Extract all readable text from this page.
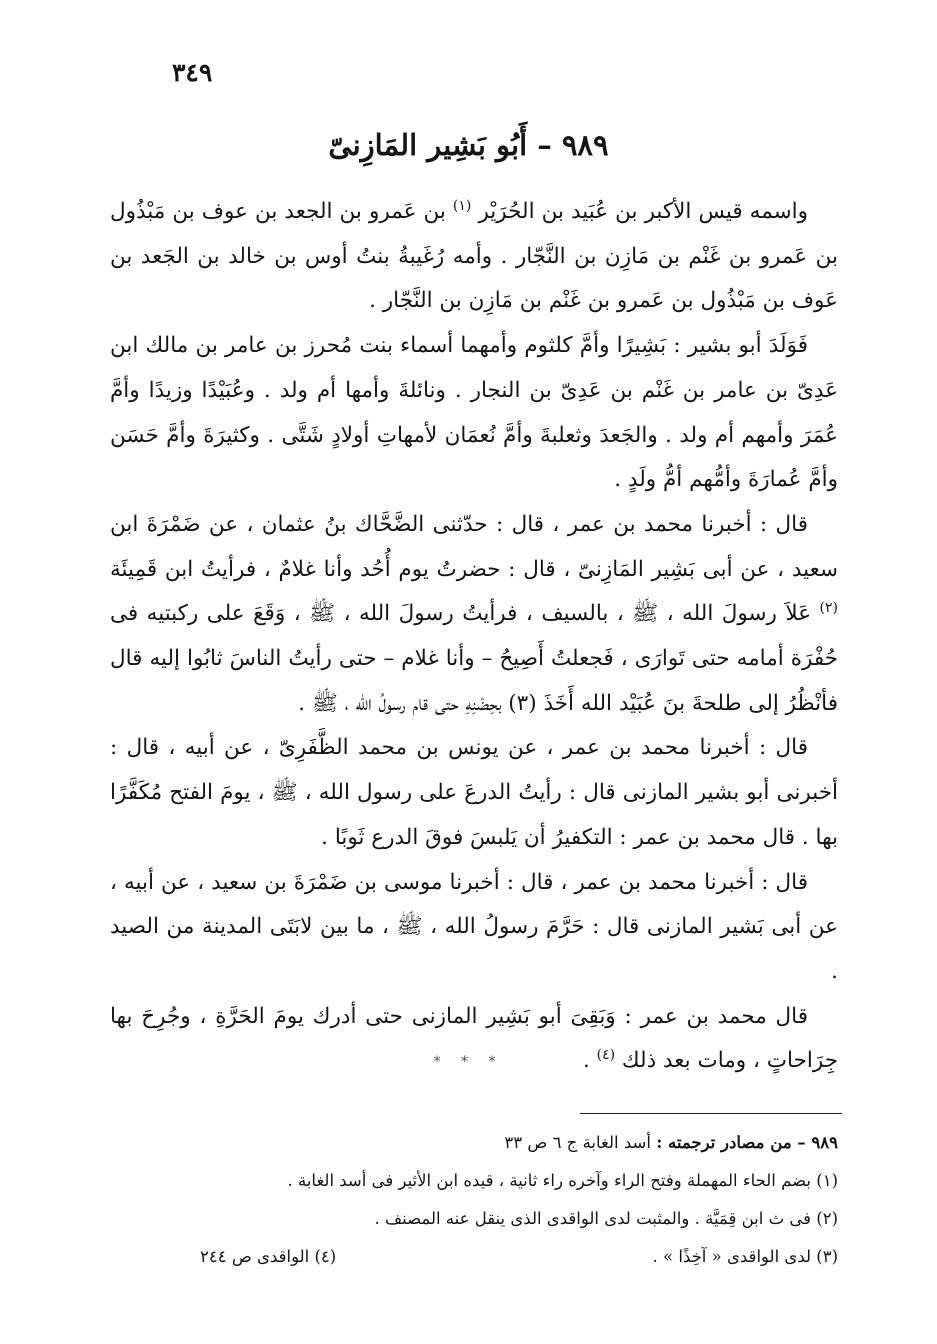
٣٤٩
٩٨٩ – أَبُو بَشِير المَازِنىّ

واسمه قيس الأكبر بن عُبَيد بن الحُرَيْر $^{(١)}$ بن عَمرو بن الجعد بن عوف بن مَبْذُول بن عَمرو بن غَنْم بن مَازِن بن النَّجّار . وأمه رُغَيبةُ بنتُ أوس بن خالد بن الجَعد بن عَوف بن مَبْذُول بن عَمرو بن غَنْم بن مَازِن بن النَّجّار .

فَوَلَدَ أبو بشير : بَشِيرًا وأمَّ كلثوم وأمهما أسماء بنت مُحرز بن عامر بن مالك ابن عَدِىّ بن عامر بن غَنْم بن عَدِىّ بن النجار . ونائلةَ وأمها أم ولد . وعُبَيْدًا وزيدًا وأمَّ عُمَرَ وأمهم أم ولد . والجَعدَ وثعلبةَ وأمَّ نُعمَان لأمهاتِ أولادٍ شَتَّى . وكثيرَةَ وأمَّ حَسَن وأمَّ عُمارَةَ وأمُّهم أمُّ ولَدٍ .

قال : أخبرنا محمد بن عمر ، قال : حدّثنى الضَّحَّاك بنُ عثمان ، عن ضَمْرَةَ ابن سعيد ، عن أبى بَشِير المَازِنىّ ، قال : حضرتُ يوم أُحُد وأنا غلامٌ ، فرأيتُ ابن قَمِيئَة $^{(٢)}$ عَلاَ رسولَ الله ، ﷺ ، بالسيف ، فرأيتُ رسولَ الله ، ﷺ ، وَقَعَ على ركبتيه فى حُفْرَة أمامه حتى تَوارَى ، فَجعلتُ أَصِيحُ – وأنا غلام – حتى رأيتُ الناسَ ثابُوا إليه قال فأنْظُرُ إلى طلحةَ بنَ عُبَيْد الله أَخَذَ (٣) بحِضْنِهِ حتى قام رسولُ الله ، ﷺ .

قال : أخبرنا محمد بن عمر ، عن يونس بن محمد الظَّفَرِىّ ، عن أبيه ، قال : أخبرنى أبو بشير المازنى قال : رأيتُ الدرعَ على رسول الله ، ﷺ ، يومَ الفتح مُكَفَّرًا بها . قال محمد بن عمر : التكفيرُ أن يَلبسَ فوقَ الدرع ثَوبًا .

قال : أخبرنا محمد بن عمر ، قال : أخبرنا موسى بن ضَمْرَةَ بن سعيد ، عن أبيه ، عن أبى بَشير المازنى قال : حَرَّمَ رسولُ الله ، ﷺ ، ما بين لابَتَى المدينة من الصيد .

قال محمد بن عمر : وَبَقِىَ أبو بَشِير المازنى حتى أدرك يومَ الحَرَّةِ ، وجُرِحَ بها جِرَاحاتٍ ، ومات بعد ذلك $^{(٤)}$ .

* * *
٩٨٩ – من مصادر ترجمته : أسد الغابة ج ٦ ص ٣٣
(١) بضم الحاء المهملة وفتح الراء وآخره راء ثانية ، قيده ابن الأثير فى أسد الغابة .
(٢) فى ث ابن قِمَيَّة . والمثبت لدى الواقدى الذى ينقل عنه المصنف .
(٣) لدى الواقدى « آخِذًا » .
(٤) الواقدى ص ٢٤٤
